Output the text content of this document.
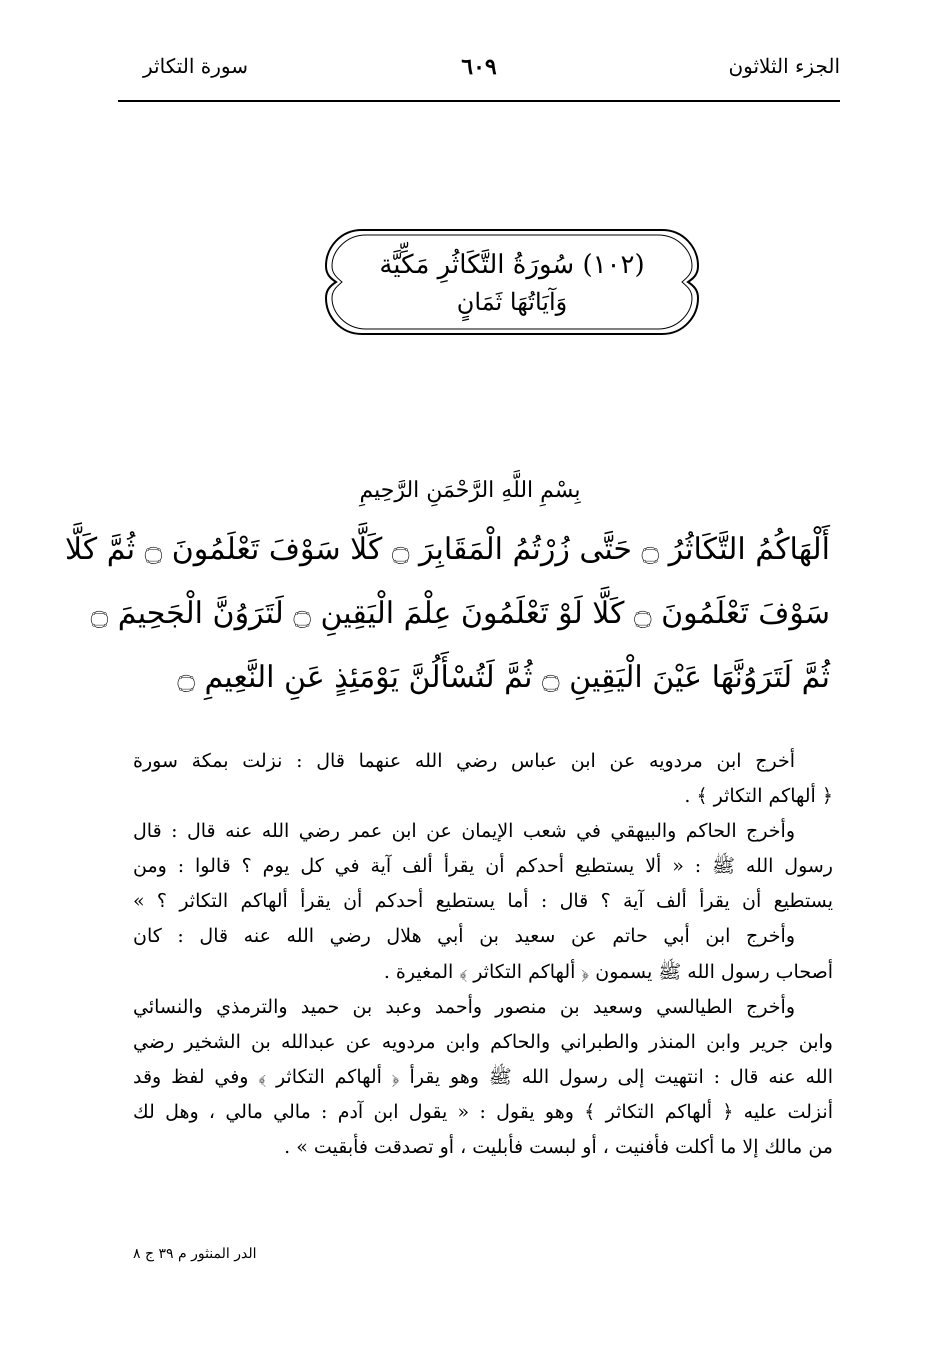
الجزء الثلاثون
٦٠٩
سورة التكاثر
(١٠٢) سُورَةُ التَّكَاثُرِ مَكِّيَّة
وَآيَاتُهَا ثَمَانٍ
بِسْمِ اللَّهِ الرَّحْمَنِ الرَّحِيمِ
أَلْهَاكُمُ التَّكَاثُرُ ۝ حَتَّى زُرْتُمُ الْمَقَابِرَ ۝ كَلَّا سَوْفَ تَعْلَمُونَ ۝ ثُمَّ كَلَّا
سَوْفَ تَعْلَمُونَ ۝ كَلَّا لَوْ تَعْلَمُونَ عِلْمَ الْيَقِينِ ۝ لَتَرَوُنَّ الْجَحِيمَ ۝
ثُمَّ لَتَرَوُنَّهَا عَيْنَ الْيَقِينِ ۝ ثُمَّ لَتُسْأَلُنَّ يَوْمَئِذٍ عَنِ النَّعِيمِ ۝
أخرج ابن مردويه عن ابن عباس رضي الله عنهما قال : نزلت بمكة سورة
﴿ ألهاكم التكاثر ﴾ .
وأخرج الحاكم والبيهقي في شعب الإيمان عن ابن عمر رضي الله عنه قال : قال
رسول الله ﷺ : « ألا يستطيع أحدكم أن يقرأ ألف آية في كل يوم ؟ قالوا : ومن
يستطيع أن يقرأ ألف آية ؟ قال : أما يستطيع أحدكم أن يقرأ ألهاكم التكاثر ؟ »
وأخرج ابن أبي حاتم عن سعيد بن أبي هلال رضي الله عنه قال : كان
أصحاب رسول الله ﷺ يسمون ﴿ ألهاكم التكاثر ﴾ المغيرة .
وأخرج الطيالسي وسعيد بن منصور وأحمد وعبد بن حميد والترمذي والنسائي
وابن جرير وابن المنذر والطبراني والحاكم وابن مردويه عن عبدالله بن الشخير رضي
الله عنه قال : انتهيت إلى رسول الله ﷺ وهو يقرأ ﴿ ألهاكم التكاثر ﴾ وفي لفظ وقد
أنزلت عليه ﴿ ألهاكم التكاثر ﴾ وهو يقول : « يقول ابن آدم : مالي مالي ، وهل لك
من مالك إلا ما أكلت فأفنيت ، أو لبست فأبليت ، أو تصدقت فأبقيت » .
الدر المنثور م ٣٩ ج ٨
